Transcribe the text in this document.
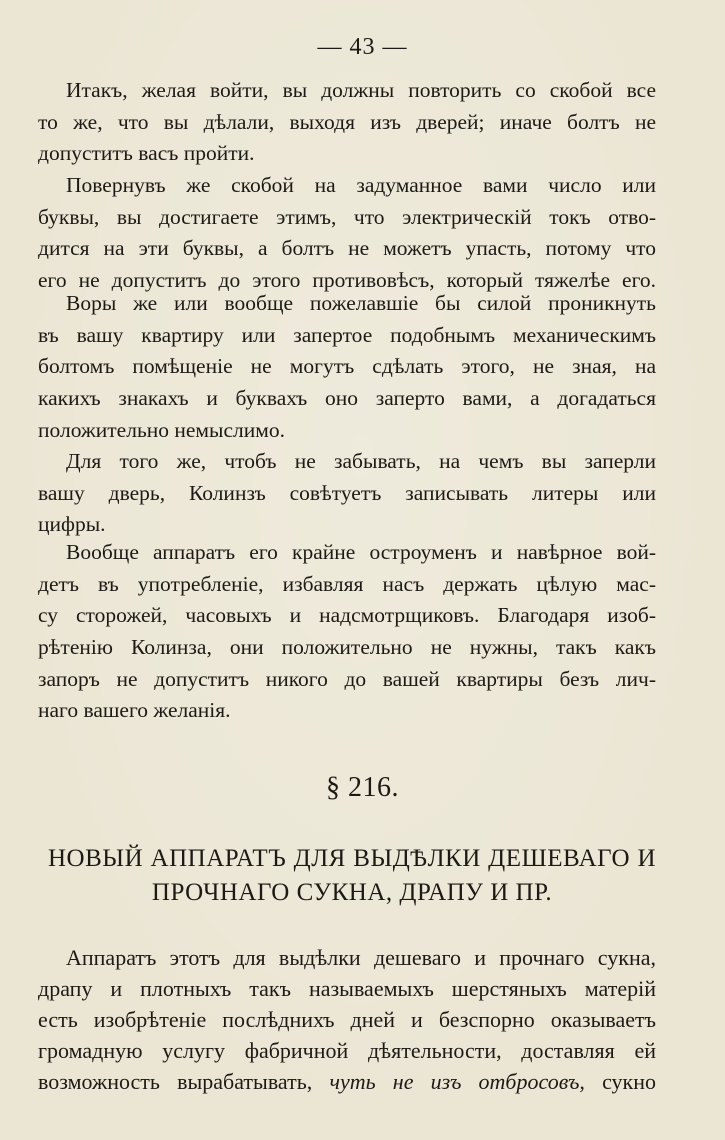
— 43 —
Итакъ, желая войти, вы должны повторить со скобой все
то же, что вы дѣлали, выходя изъ дверей; иначе болтъ не
допуститъ васъ пройти.
Повернувъ же скобой на задуманное вами число или
буквы, вы достигаете этимъ, что электрическій токъ отво-
дится на эти буквы, а болтъ не можетъ упасть, потому что
его не допуститъ до этого противовѣсъ, который тяжелѣе его.
Воры же или вообще пожелавшіе бы силой проникнуть
въ вашу квартиру или запертое подобнымъ механическимъ
болтомъ помѣщеніе не могутъ сдѣлать этого, не зная, на
какихъ знакахъ и буквахъ оно заперто вами, а догадаться
положительно немыслимо.
Для того же, чтобъ не забывать, на чемъ вы заперли
вашу дверь, Колинзъ совѣтуетъ записывать литеры или
цифры.
Вообще аппаратъ его крайне остроуменъ и навѣрное вой-
детъ въ употребленіе, избавляя насъ держать цѣлую мас-
су сторожей, часовыхъ и надсмотрщиковъ. Благодаря изоб-
рѣтенію Колинза, они положительно не нужны, такъ какъ
запоръ не допуститъ никого до вашей квартиры безъ лич-
наго вашего желанія.
§ 216.
НОВЫЙ АППАРАТЪ ДЛЯ ВЫДѢЛКИ ДЕШЕВАГО И
ПРОЧНАГО СУКНА, ДРАПУ И ПР.
Аппаратъ этотъ для выдѣлки дешеваго и прочнаго сукна,
драпу и плотныхъ такъ называемыхъ шерстяныхъ матерій
есть изобрѣтеніе послѣднихъ дней и безспорно оказываетъ
громадную услугу фабричной дѣятельности, доставляя ей
возможность вырабатывать, чуть не изъ отбросовъ, сукно
